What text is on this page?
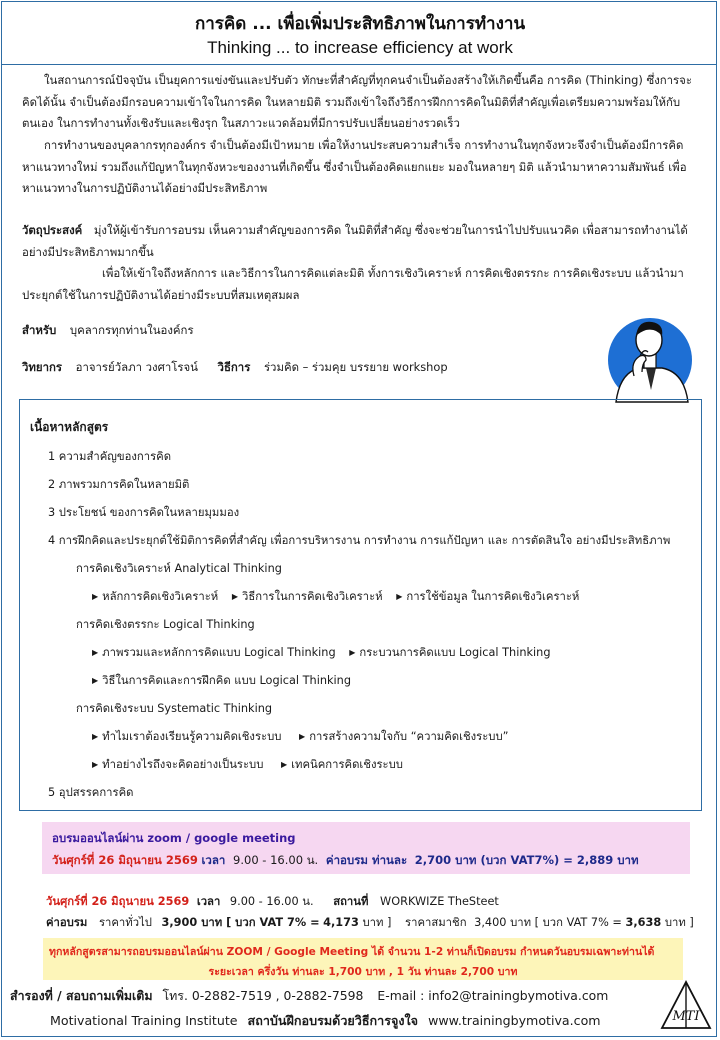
การคิด ... เพื่อเพิ่มประสิทธิภาพในการทำงาน
Thinking ... to increase efficiency at work
ในสถานการณ์ปัจจุบัน เป็นยุคการแข่งขันและปรับตัว ทักษะที่สำคัญที่ทุกคนจำเป็นต้องสร้างให้เกิดขึ้นคือ การคิด (Thinking) ซึ่งการจะคิดได้นั้น จำเป็นต้องมีกรอบความเข้าใจในการคิด ในหลายมิติ รวมถึงเข้าใจถึงวิธีการฝึกการคิดในมิติที่สำคัญเพื่อเตรียมความพร้อมให้กับตนเอง ในการทำงานทั้งเชิงรับและเชิงรุก ในสภาวะแวดล้อมที่มีการปรับเปลี่ยนอย่างรวดเร็ว
การทำงานของบุคลากรทุกองค์กร จำเป็นต้องมีเป้าหมาย เพื่อให้งานประสบความสำเร็จ การทำงานในทุกจังหวะจึงจำเป็นต้องมีการคิด หาแนวทางใหม่ รวมถึงแก้ปัญหาในทุกจังหวะของงานที่เกิดขึ้น ซึ่งจำเป็นต้องคิดแยกแยะ มองในหลายๆ มิติ แล้วนำมาหาความสัมพันธ์ เพื่อหาแนวทางในการปฏิบัติงานได้อย่างมีประสิทธิภาพ
วัตถุประสงค์ มุ่งให้ผู้เข้ารับการอบรม เห็นความสำคัญของการคิด ในมิติที่สำคัญ ซึ่งจะช่วยในการนำไปปรับแนวคิด เพื่อสามารถทำงานได้อย่างมีประสิทธิภาพมากขึ้น
เพื่อให้เข้าใจถึงหลักการ และวิธีการในการคิดแต่ละมิติ ทั้งการเชิงวิเคราะห์ การคิดเชิงตรรกะ การคิดเชิงระบบ แล้วนำมาประยุกต์ใช้ในการปฏิบัติงานได้อย่างมีระบบที่สมเหตุสมผล
สำหรับ บุคลากรทุกท่านในองค์กร
วิทยากร อาจารย์วัลภา วงศาโรจน์ วิธีการ ร่วมคิด – ร่วมคุย บรรยาย workshop
เนื้อหาหลักสูตร
1 ความสำคัญของการคิด
2 ภาพรวมการคิดในหลายมิติ
3 ประโยชน์ ของการคิดในหลายมุมมอง
4 การฝึกคิดและประยุกต์ใช้มิติการคิดที่สำคัญ เพื่อการบริหารงาน การทำงาน การแก้ปัญหา และ การตัดสินใจ อย่างมีประสิทธิภาพ
การคิดเชิงวิเคราะห์ Analytical Thinking
▶ หลักการคิดเชิงวิเคราะห์ ▶ วิธีการในการคิดเชิงวิเคราะห์ ▶ การใช้ข้อมูล ในการคิดเชิงวิเคราะห์
การคิดเชิงตรรกะ Logical Thinking
▶ ภาพรวมและหลักการคิดแบบ Logical Thinking ▶ กระบวนการคิดแบบ Logical Thinking
▶ วิธีในการคิดและการฝึกคิด แบบ Logical Thinking
การคิดเชิงระบบ Systematic Thinking
▶ ทำไมเราต้องเรียนรู้ความคิดเชิงระบบ ▶ การสร้างความใจกับ “ความคิดเชิงระบบ”
▶ ทำอย่างไรถึงจะคิดอย่างเป็นระบบ ▶ เทคนิคการคิดเชิงระบบ
5 อุปสรรคการคิด
อบรมออนไลน์ผ่าน zoom / google meeting
วันศุกร์ที่ 26 มิถุนายน 2569 เวลา 9.00 - 16.00 น. ค่าอบรม ท่านละ 2,700 บาท (บวก VAT7%) = 2,889 บาท
วันศุกร์ที่ 26 มิถุนายน 2569 เวลา 9.00 - 16.00 น. สถานที่ WORKWIZE TheSteet
ค่าอบรม ราคาทั่วไป 3,900 บาท [ บวก VAT 7% = 4,173 บาท ] ราคาสมาชิก 3,400 บาท [ บวก VAT 7% = 3,638 บาท ]
ทุกหลักสูตรสามารถอบรมออนไลน์ผ่าน ZOOM / Google Meeting ได้ จำนวน 1-2 ท่านก็เปิดอบรม กำหนดวันอบรมเฉพาะท่านได้
ระยะเวลา ครึ่งวัน ท่านละ 1,700 บาท , 1 วัน ท่านละ 2,700 บาท
สำรองที่ / สอบถามเพิ่มเติม โทร. 0-2882-7519 , 0-2882-7598 E-mail : info2@trainingbymotiva.com
Motivational Training Institute สถาบันฝึกอบรมด้วยวิธีการจูงใจ www.trainingbymotiva.com	MTI
